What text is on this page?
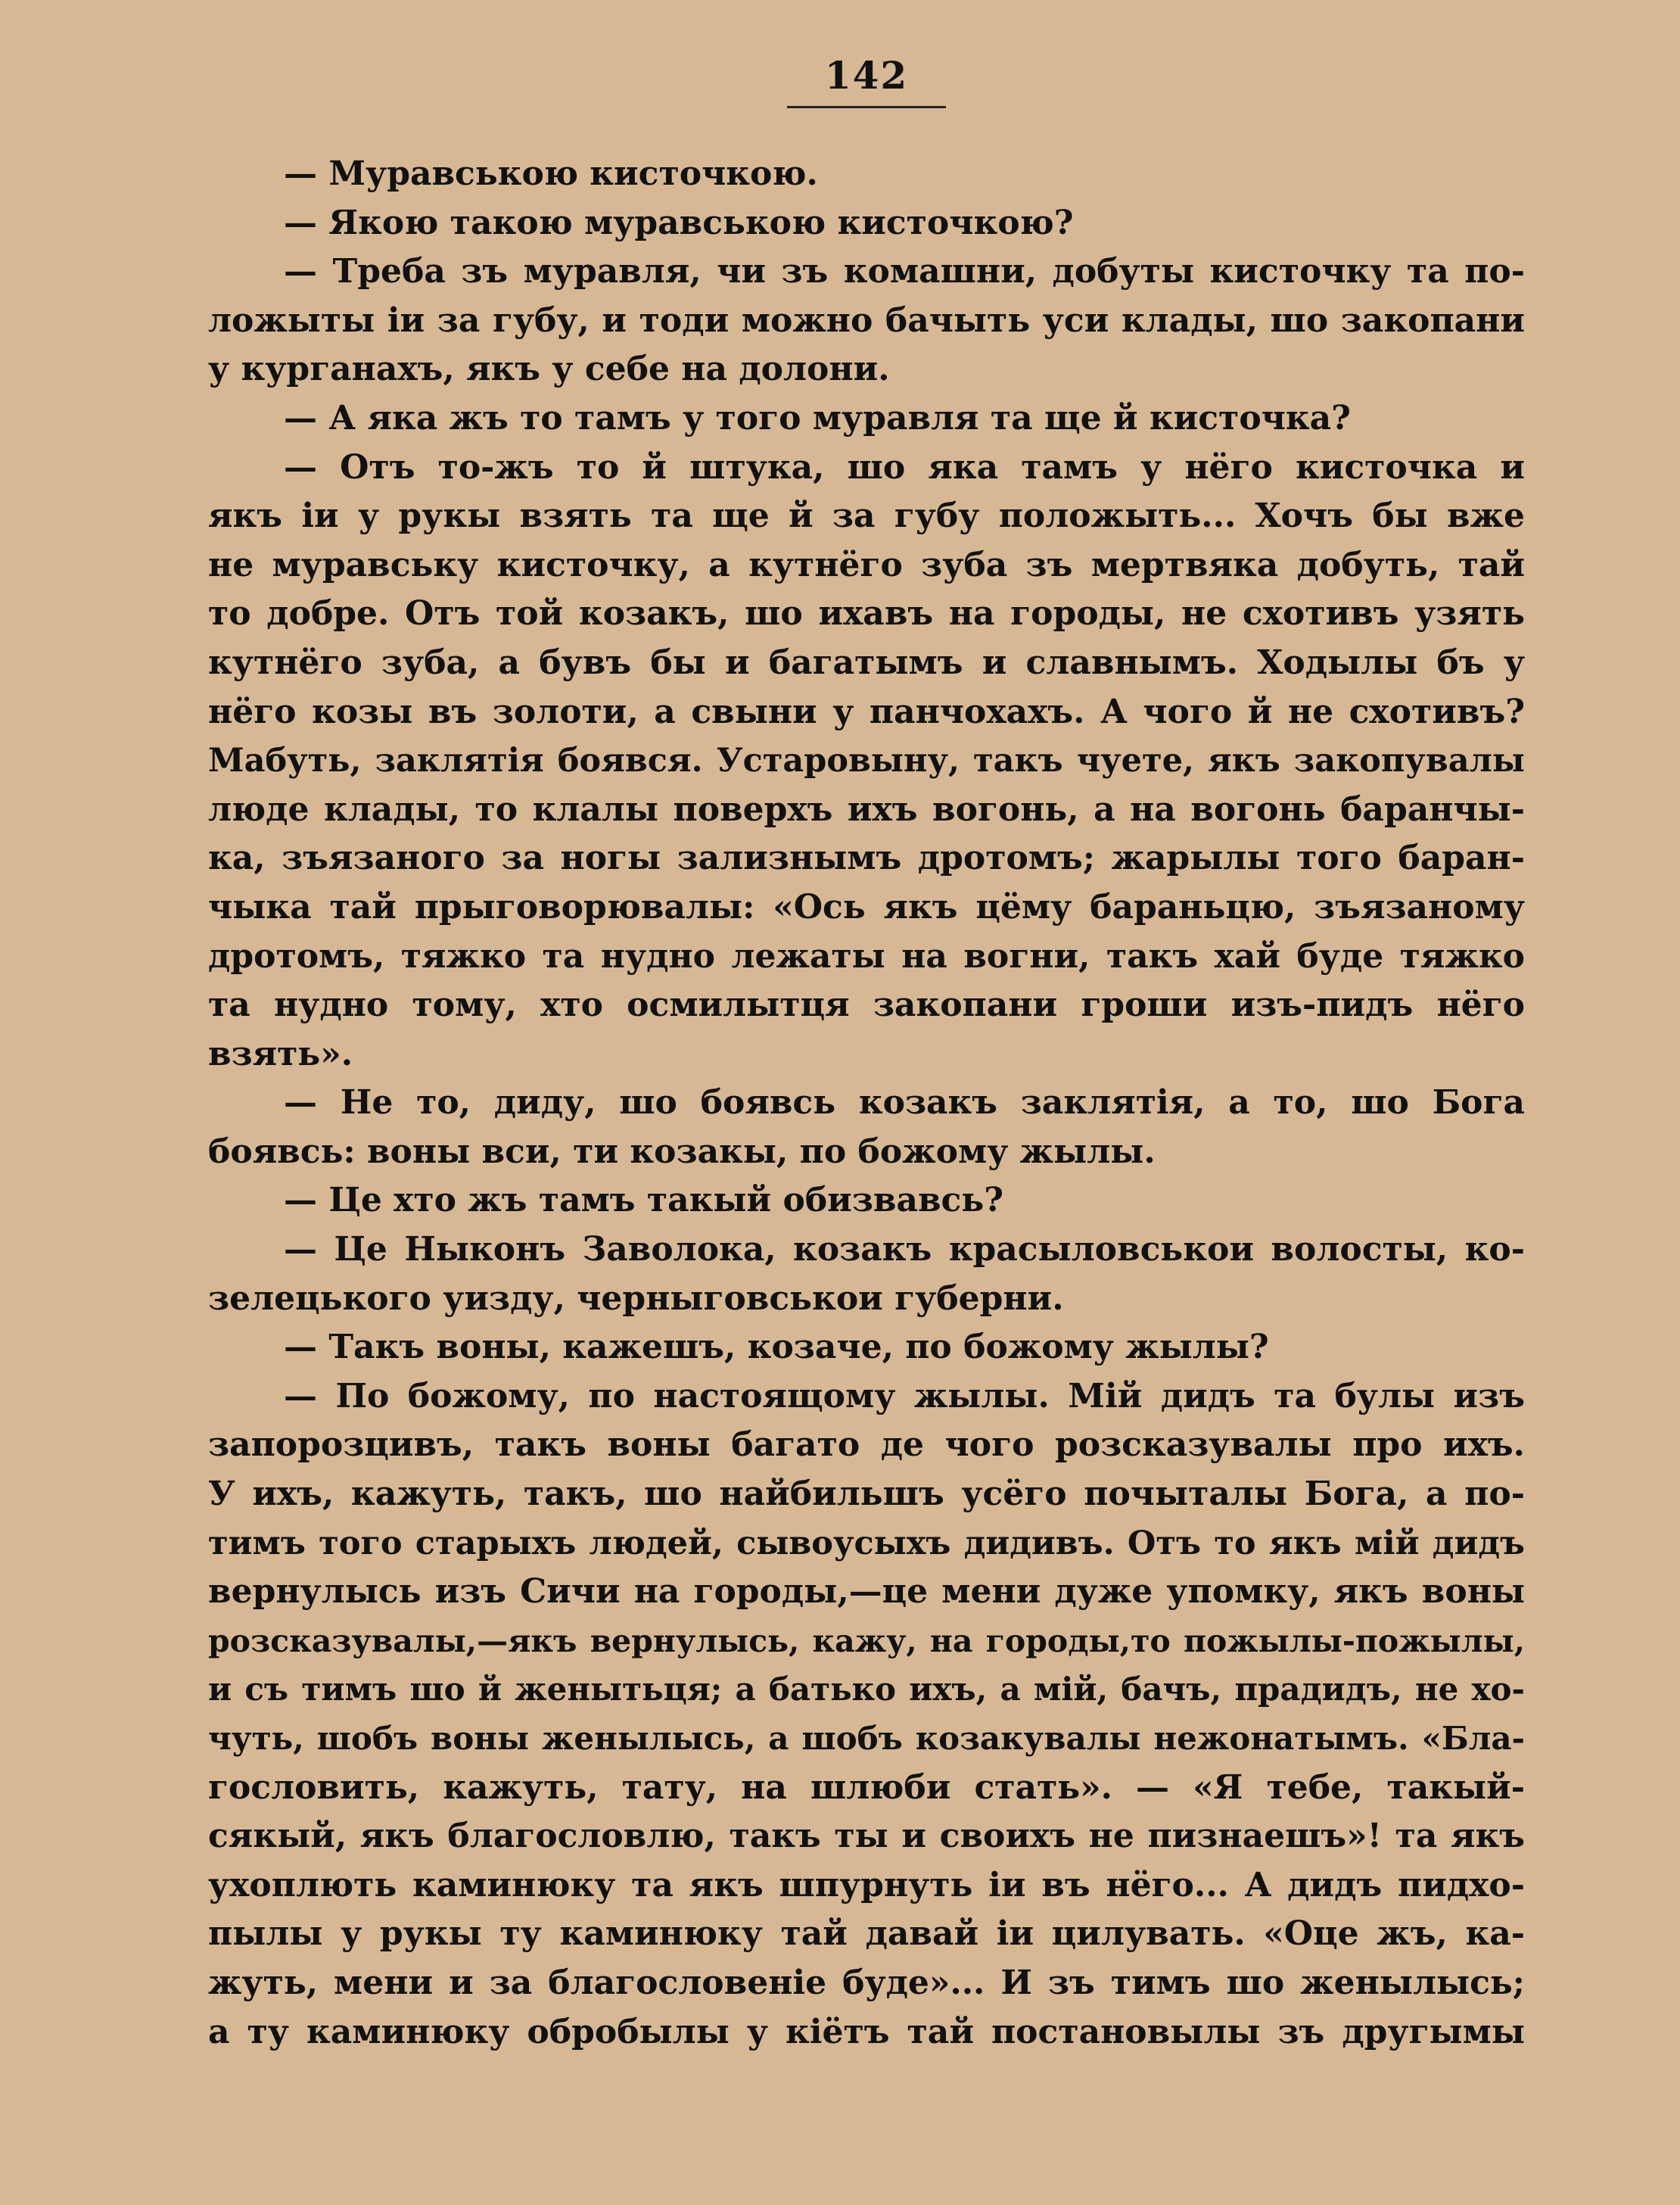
142
— Муравськoю кисточкою.
— Якою такою муравською кисточкою?
— Треба зъ муравля, чи зъ комашни, добуты кисточку та по-
ложыты іи за губу, и тоди можно бачыть уси клады, шо закопани
у курганахъ, якъ у себе на долони.
— А яка жъ то тамъ у того муравля та ще й кисточка?
— Отъ то-жъ то й штука, шо яка тамъ у нёго кисточка и
якъ іи у рукы взять та ще й за губу положыть... Хочъ бы вже
не муравську кисточку, а кутнёго зуба зъ мертвяка добуть, тай
то добре. Отъ той козакъ, шо ихавъ на городы, не схотивъ узять
кутнёго зуба, а бувъ бы и багатымъ и славнымъ. Ходылы бъ у
нёго козы въ золоти, а свыни у панчохахъ. А чого й не схотивъ?
Мабуть, заклятія боявся. Устаровыну, такъ чуете, якъ закопувалы
люде клады, то клалы поверхъ ихъ вогонь, а на вогонь баранчы-
ка, зъязаного за ногы зализнымъ дротомъ; жарылы того баран-
чыка тай прыговорювалы: «Ось якъ цёму бараньцю, зъязаному
дротомъ, тяжко та нудно лежаты на вогни, такъ хай буде тяжко
та нудно тому, хто осмилытця закопани гроши изъ-пидъ нёго
взять».
— Не то, диду, шо боявсь козакъ заклятія, а то, шо Бога
боявсь: воны вси, ти козакы, по божому жылы.
— Це хто жъ тамъ такый обизвавсь?
— Це Ныконъ Заволока, козакъ красыловськои волосты, ко-
зелецького уизду, черныговськои губерни.
— Такъ воны, кажешъ, козаче, по божому жылы?
— По божому, по настоящому жылы. Мій дидъ та булы изъ
запорозцивъ, такъ воны багато де чого розсказувалы про ихъ.
У ихъ, кажуть, такъ, шо найбильшъ усёго почыталы Бога, а по-
тимъ того старыхъ людей, сывоусыхъ дидивъ. Отъ то якъ мій дидъ
вернулысь изъ Сичи на городы,—це мени дуже упомку, якъ воны
розсказувалы,—якъ вернулысь, кажу, на городы,то пожылы-пожылы,
и съ тимъ шо й женытьця; а батько ихъ, а мій, бачъ, прадидъ, не хо-
чуть, шобъ воны женылысь, а шобъ козакувалы нежонатымъ. «Бла-
гословить, кажуть, тату, на шлюби стать». — «Я тебе, такый-
сякый, якъ благословлю, такъ ты и своихъ не пизнаешъ»! та якъ
ухоплють каминюку та якъ шпурнуть іи въ нёго... А дидъ пидхо-
пылы у рукы ту каминюку тай давай іи цилувать. «Оце жъ, ка-
жуть, мени и за благословеніе буде»... И зъ тимъ шо женылысь;
а ту каминюку обробылы у кіётъ тай постановылы зъ другымы
